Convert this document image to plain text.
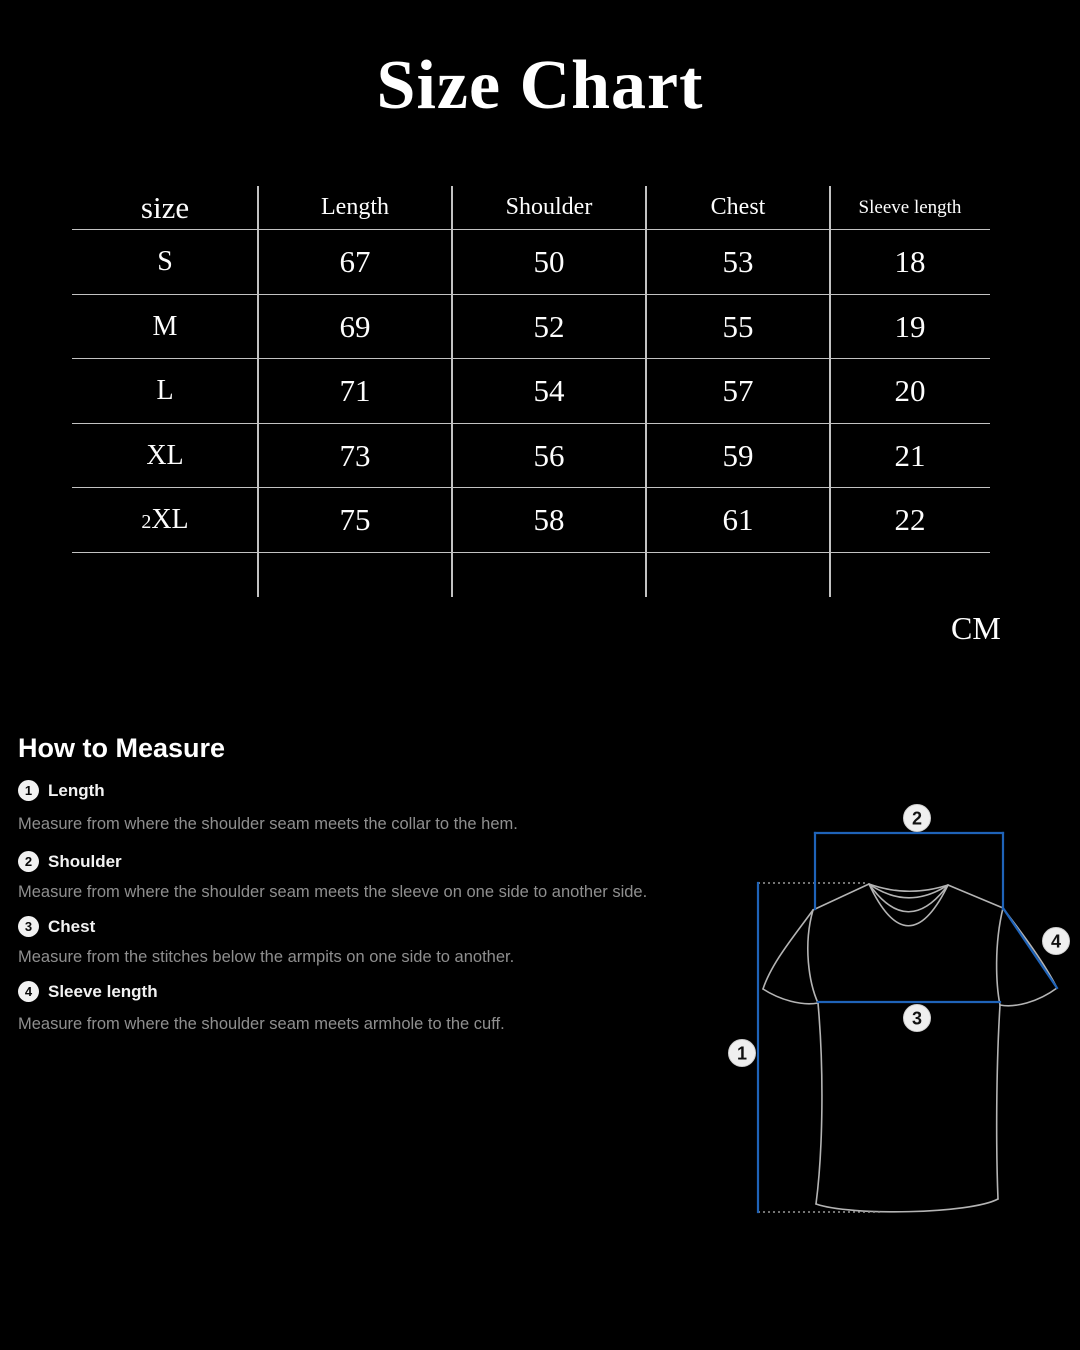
Size Chart
size	Length	Shoulder	Chest	Sleeve length
S	67	50	53	18
M	69	52	55	19
L	71	54	57	20
XL	73	56	59	21
2XL	75	58	61	22
CM
How to Measure
1 Length
Measure from where the shoulder seam meets the collar to the hem.
2 Shoulder
Measure from where the shoulder seam meets the sleeve on one side to another side.
3 Chest
Measure from the stitches below the armpits on one side to another.
4 Sleeve length
Measure from where the shoulder seam meets armhole to the cuff.
2
4
3
1
